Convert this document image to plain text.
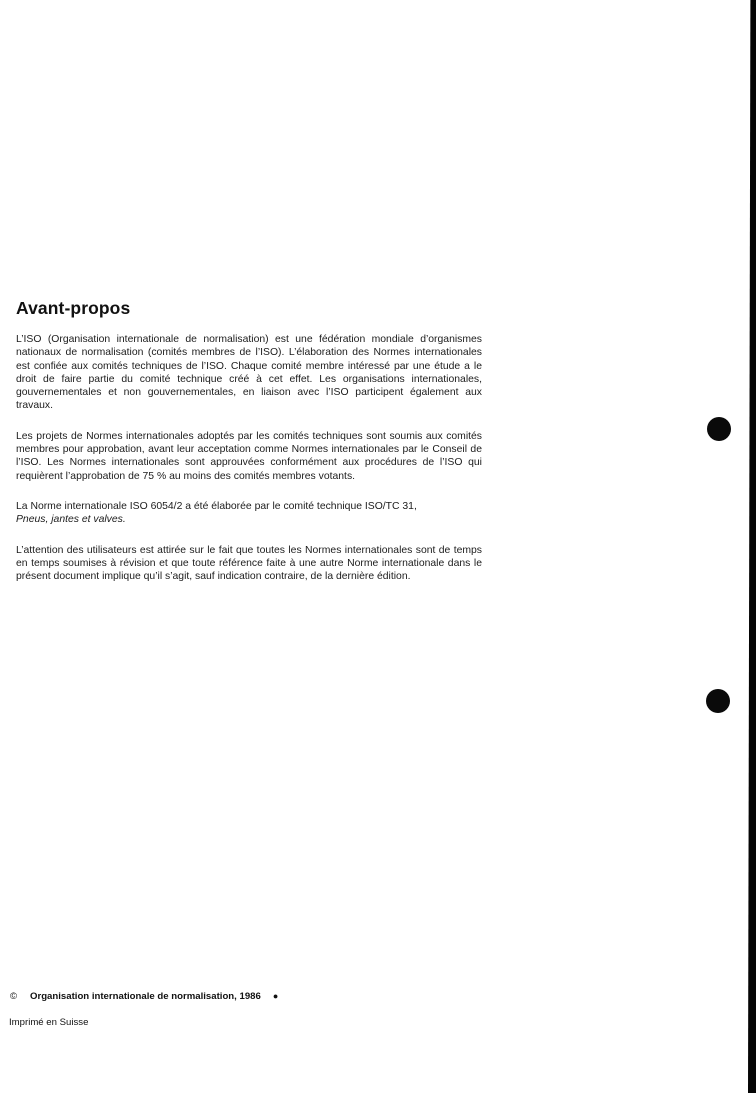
Avant-propos

L’ISO (Organisation internationale de normalisation) est une fédération mondiale d’organismes nationaux de normalisation (comités membres de l’ISO). L’élaboration des Normes internationales est confiée aux comités techniques de l’ISO. Chaque comité membre intéressé par une étude a le droit de faire partie du comité technique créé à cet effet. Les organisations internationales, gouvernementales et non gouvernementales, en liaison avec l’ISO participent également aux travaux.

Les projets de Normes internationales adoptés par les comités techniques sont soumis aux comités membres pour approbation, avant leur acceptation comme Normes internationales par le Conseil de l’ISO. Les Normes internationales sont approuvées conformément aux procédures de l’ISO qui requièrent l’approbation de 75 % au moins des comités membres votants.

La Norme internationale ISO 6054/2 a été élaborée par le comité technique ISO/TC 31,
Pneus, jantes et valves.

L’attention des utilisateurs est attirée sur le fait que toutes les Normes internationales sont de temps en temps soumises à révision et que toute référence faite à une autre Norme internationale dans le présent document implique qu’il s’agit, sauf indication contraire, de la dernière édition.

© Organisation internationale de normalisation, 1986 ●
Imprimé en Suisse
